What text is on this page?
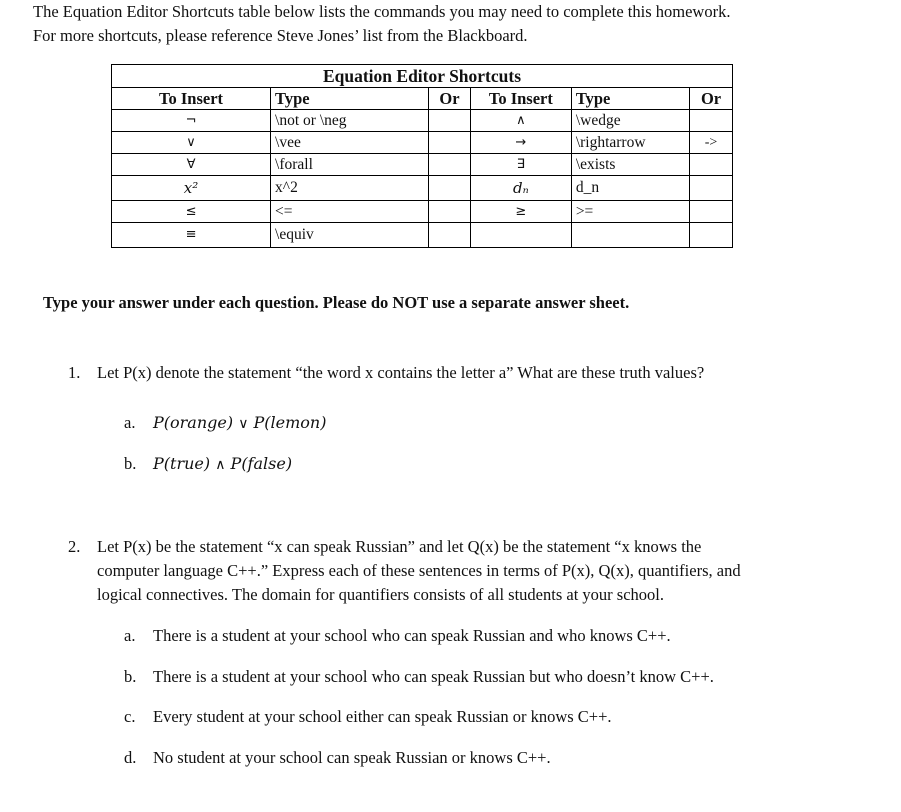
The Equation Editor Shortcuts table below lists the commands you may need to complete this homework.
For more shortcuts, please reference Steve Jones’ list from the Blackboard.
Equation Editor Shortcuts					
To Insert	Type	Or	To Insert	Type	Or
¬	\not or \neg		∧	\wedge	
∨	\vee		→	\rightarrow	->
∀	\forall		∃	\exists	
x²	x^2		dₙ	d_n	
≤	<=		≥	>=	
≡	\equiv				
Type your answer under each question. Please do NOT use a separate answer sheet.
1. Let P(x) denote the statement “the word x contains the letter a” What are these truth values?
a. P(orange) ∨ P(lemon)
b. P(true) ∧ P(false)
2. Let P(x) be the statement “x can speak Russian” and let Q(x) be the statement “x knows the
computer language C++.” Express each of these sentences in terms of P(x), Q(x), quantifiers, and
logical connectives. The domain for quantifiers consists of all students at your school.
a. There is a student at your school who can speak Russian and who knows C++.
b. There is a student at your school who can speak Russian but who doesn’t know C++.
c. Every student at your school either can speak Russian or knows C++.
d. No student at your school can speak Russian or knows C++.
